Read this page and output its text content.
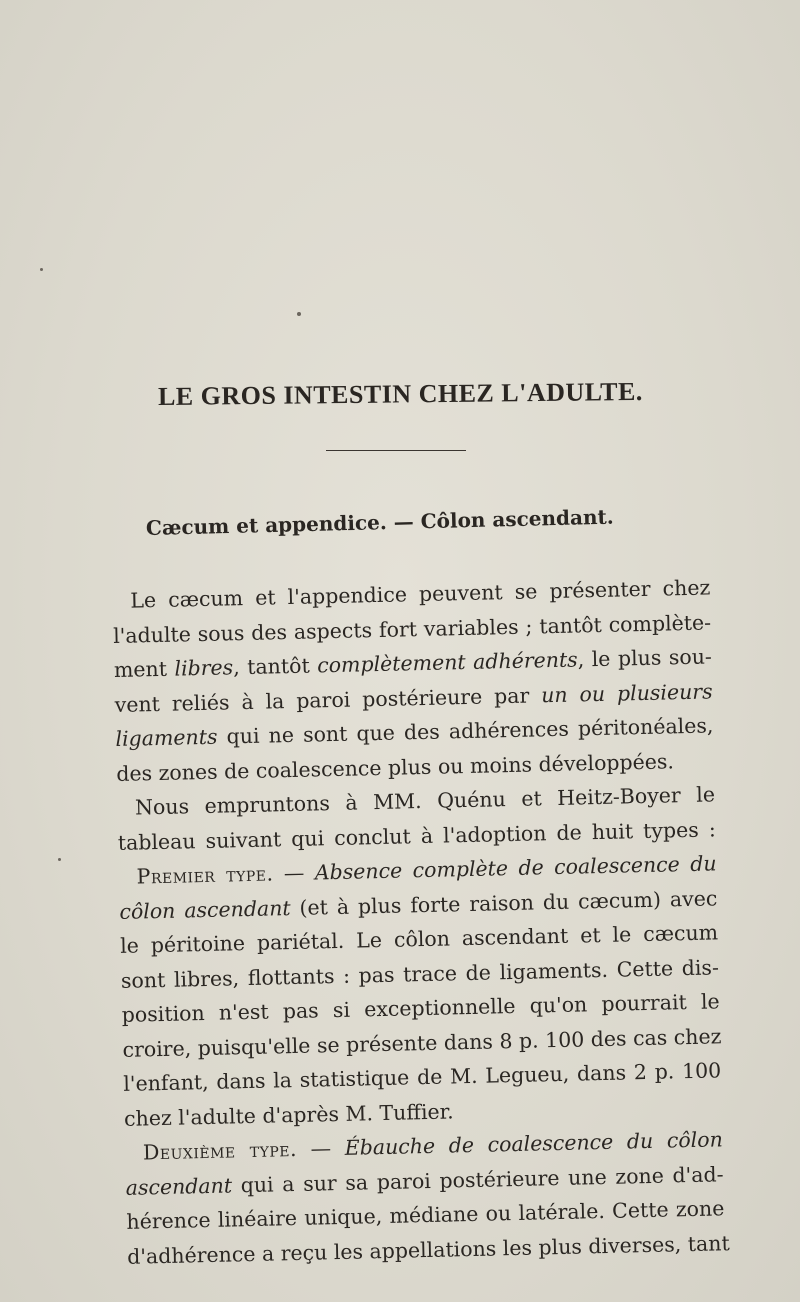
LE GROS INTESTIN CHEZ L'ADULTE.
Cæcum et appendice. — Côlon ascendant.
Le cæcum et l'appendice peuvent se présenter chez
l'adulte sous des aspects fort variables ; tantôt complète-
ment libres, tantôt complètement adhérents, le plus sou-
vent reliés à la paroi postérieure par un ou plusieurs
ligaments qui ne sont que des adhérences péritonéales,
des zones de coalescence plus ou moins développées.
Nous empruntons à MM. Quénu et Heitz-Boyer le
tableau suivant qui conclut à l'adoption de huit types :
Premier type. — Absence complète de coalescence du
côlon ascendant (et à plus forte raison du cæcum) avec
le péritoine pariétal. Le côlon ascendant et le cæcum
sont libres, flottants : pas trace de ligaments. Cette dis-
position n'est pas si exceptionnelle qu'on pourrait le
croire, puisqu'elle se présente dans 8 p. 100 des cas chez
l'enfant, dans la statistique de M. Legueu, dans 2 p. 100
chez l'adulte d'après M. Tuffier.
Deuxième type. — Ébauche de coalescence du côlon
ascendant qui a sur sa paroi postérieure une zone d'ad-
hérence linéaire unique, médiane ou latérale. Cette zone
d'adhérence a reçu les appellations les plus diverses, tant
